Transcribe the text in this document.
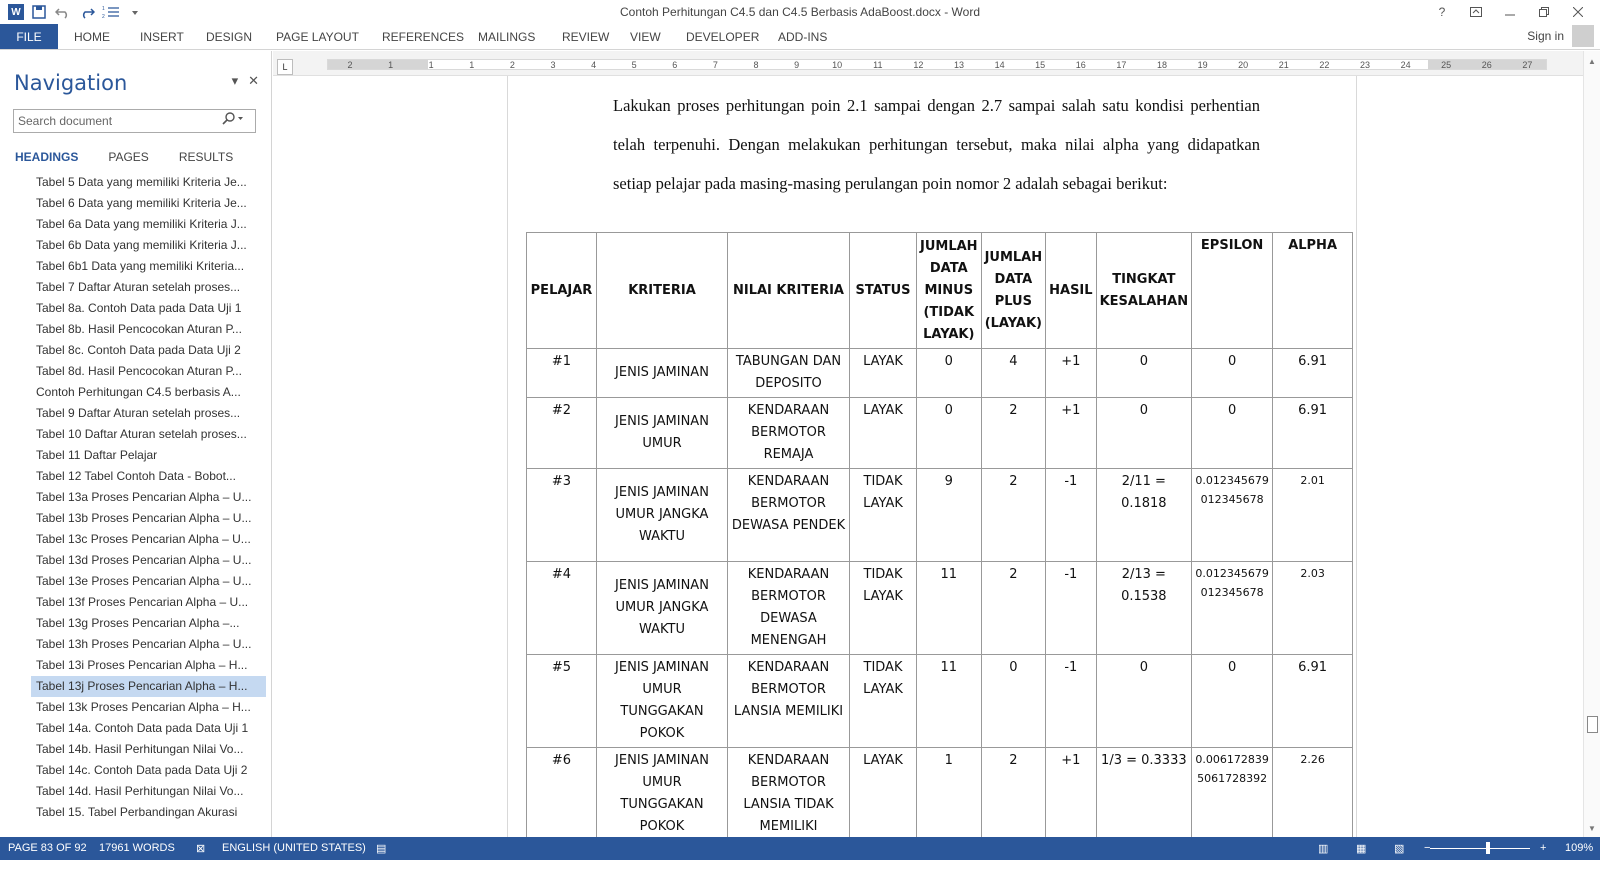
W	1
2	Contoh Perhitungan C4.5 dan C4.5 Berbasis AdaBoost.docx - Word	?
FILE	HOME	INSERT DESIGN PAGE LAYOUT REFERENCES MAILINGS REVIEW VIEW DEVELOPER ADD-INS	Sign in
Navigation	▾ ✕
Search document
HEADINGS	PAGES	RESULTS
Tabel 5 Data yang memiliki Kriteria Je...
Tabel 6 Data yang memiliki Kriteria Je...
Tabel 6a Data yang memiliki Kriteria J...
Tabel 6b Data yang memiliki Kriteria J...
Tabel 6b1 Data yang memiliki Kriteria...
Tabel 7 Daftar Aturan setelah proses...
Tabel 8a. Contoh Data pada Data Uji 1
Tabel 8b. Hasil Pencocokan Aturan P...
Tabel 8c. Contoh Data pada Data Uji 2
Tabel 8d. Hasil Pencocokan Aturan P...
Contoh Perhitungan C4.5 berbasis A...
Tabel 9 Daftar Aturan setelah proses...
Tabel 10 Daftar Aturan setelah proses...
Tabel 11 Daftar Pelajar
Tabel 12 Tabel Contoh Data - Bobot...
Tabel 13a Proses Pencarian Alpha – U...
Tabel 13b Proses Pencarian Alpha – U...
Tabel 13c Proses Pencarian Alpha – U...
Tabel 13d Proses Pencarian Alpha – U...
Tabel 13e Proses Pencarian Alpha – U...
Tabel 13f Proses Pencarian Alpha – U...
Tabel 13g Proses Pencarian Alpha –...
Tabel 13h Proses Pencarian Alpha – U...
Tabel 13i Proses Pencarian Alpha – H...
Tabel 13j Proses Pencarian Alpha – H...
Tabel 13k Proses Pencarian Alpha – H...
Tabel 14a. Contoh Data pada Data Uji 1
Tabel 14b. Hasil Perhitungan Nilai Vo...
Tabel 14c. Contoh Data pada Data Uji 2
Tabel 14d. Hasil Perhitungan Nilai Vo...
Tabel 15. Tabel Perbandingan Akurasi
L	2	1	1	1	2	3	4	5	6	7	8	9	10	11	12	13	14	15	16	17	18	19	20	21	22	23	24	25	26	27
Lakukan proses perhitungan poin 2.1 sampai dengan 2.7 sampai salah satu kondisi perhentian
telah terpenuhi. Dengan melakukan perhitungan tersebut, maka nilai alpha yang didapatkan
setiap pelajar pada masing-masing perulangan poin nomor 2 adalah sebagai berikut:
PELAJAR	KRITERIA	NILAI KRITERIA	STATUS	JUMLAH DATA MINUS (TIDAK LAYAK)	JUMLAH DATA PLUS (LAYAK)	HASIL	TINGKAT KESALAHAN	EPSILON	ALPHA
#1	JENIS JAMINAN	TABUNGAN DAN DEPOSITO	LAYAK	0	4	+1	0	0	6.91
#2	JENIS JAMINAN UMUR	KENDARAAN BERMOTOR REMAJA	LAYAK	0	2	+1	0	0	6.91
#3	JENIS JAMINAN UMUR JANGKA WAKTU	KENDARAAN BERMOTOR DEWASA PENDEK	TIDAK LAYAK	9	2	-1	2/11 = 0.1818	0.012345679 012345678	2.01
#4	JENIS JAMINAN UMUR JANGKA WAKTU	KENDARAAN BERMOTOR DEWASA MENENGAH	TIDAK LAYAK	11	2	-1	2/13 = 0.1538	0.012345679 012345678	2.03
#5	JENIS JAMINAN UMUR TUNGGAKAN POKOK	KENDARAAN BERMOTOR LANSIA MEMILIKI	TIDAK LAYAK	11	0	-1	0	0	6.91
#6	JENIS JAMINAN UMUR TUNGGAKAN POKOK	KENDARAAN BERMOTOR LANSIA TIDAK MEMILIKI	LAYAK	1	2	+1	1/3 = 0.3333	0.006172839 5061728392	2.26
▲
▼
PAGE 83 OF 92 17961 WORDS ⊠ ENGLISH (UNITED STATES) ▤	▥	▦	▧ −	+ 109%
